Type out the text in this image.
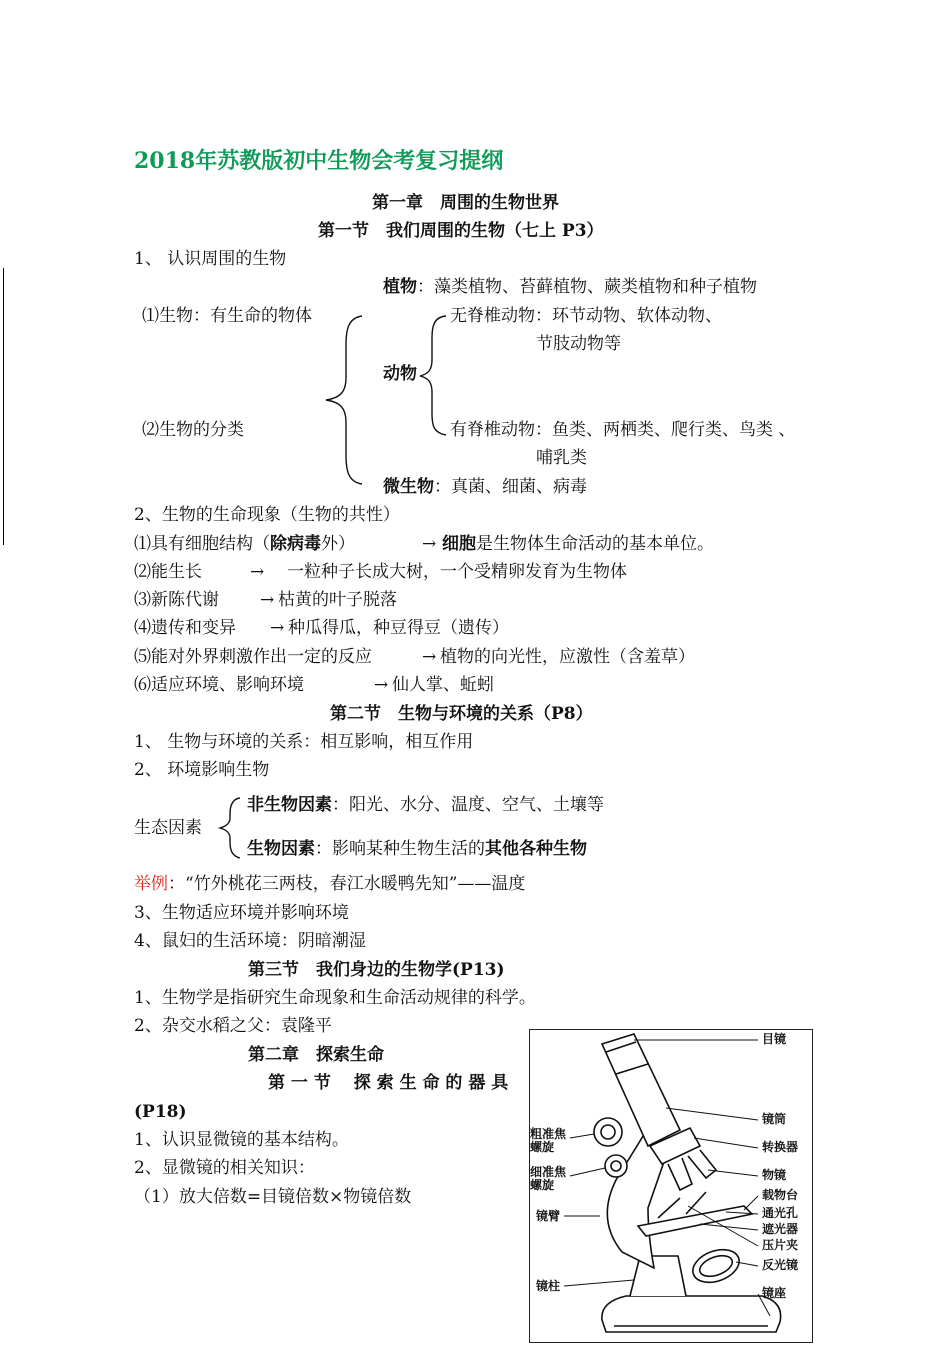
2018年苏教版初中生物会考复习提纲
第一章　周围的生物世界
第一节　我们周围的生物（七上 P3）
1、 认识周围的生物
植物：藻类植物、苔藓植物、蕨类植物和种子植物
⑴生物：有生命的物体	无脊椎动物：环节动物、软体动物、
节肢动物等
动物
⑵生物的分类	有脊椎动物：鱼类、两栖类、爬行类、鸟类 、
哺乳类
微生物：真菌、细菌、病毒
2、生物的生命现象（生物的共性）
⑴具有细胞结构（除病毒外）	→ 细胞是生物体生命活动的基本单位。
⑵能生长	→ 一粒种子长成大树，一个受精卵发育为生物体
⑶新陈代谢 → 枯黄的叶子脱落
⑷遗传和变异 → 种瓜得瓜，种豆得豆（遗传）
⑸能对外界刺激作出一定的反应	→ 植物的向光性，应激性（含羞草）
⑹适应环境、影响环境	→ 仙人掌、蚯蚓
第二节　生物与环境的关系（P8）
1、 生物与环境的关系：相互影响，相互作用
2、 环境影响生物
非生物因素：阳光、水分、温度、空气、土壤等
生态因素
生物因素：影响某种生物生活的其他各种生物
举例：“竹外桃花三两枝，春江水暖鸭先知”——温度
3、生物适应环境并影响环境
4、鼠妇的生活环境：阴暗潮湿
第三节　我们身边的生物学(P13)
1、生物学是指研究生命现象和生命活动规律的科学。
2、杂交水稻之父：袁隆平
第二章　探索生命
第 一 节　 探 索 生 命 的 器 具
(P18)
1、认识显微镜的基本结构。
2、显微镜的相关知识：
（1）放大倍数=目镜倍数×物镜倍数
目镜
镜筒
转换器
物镜
载物台
通光孔
遮光器
压片夹
反光镜
镜座
粗准焦
螺旋
细准焦
螺旋
镜臂
镜柱
